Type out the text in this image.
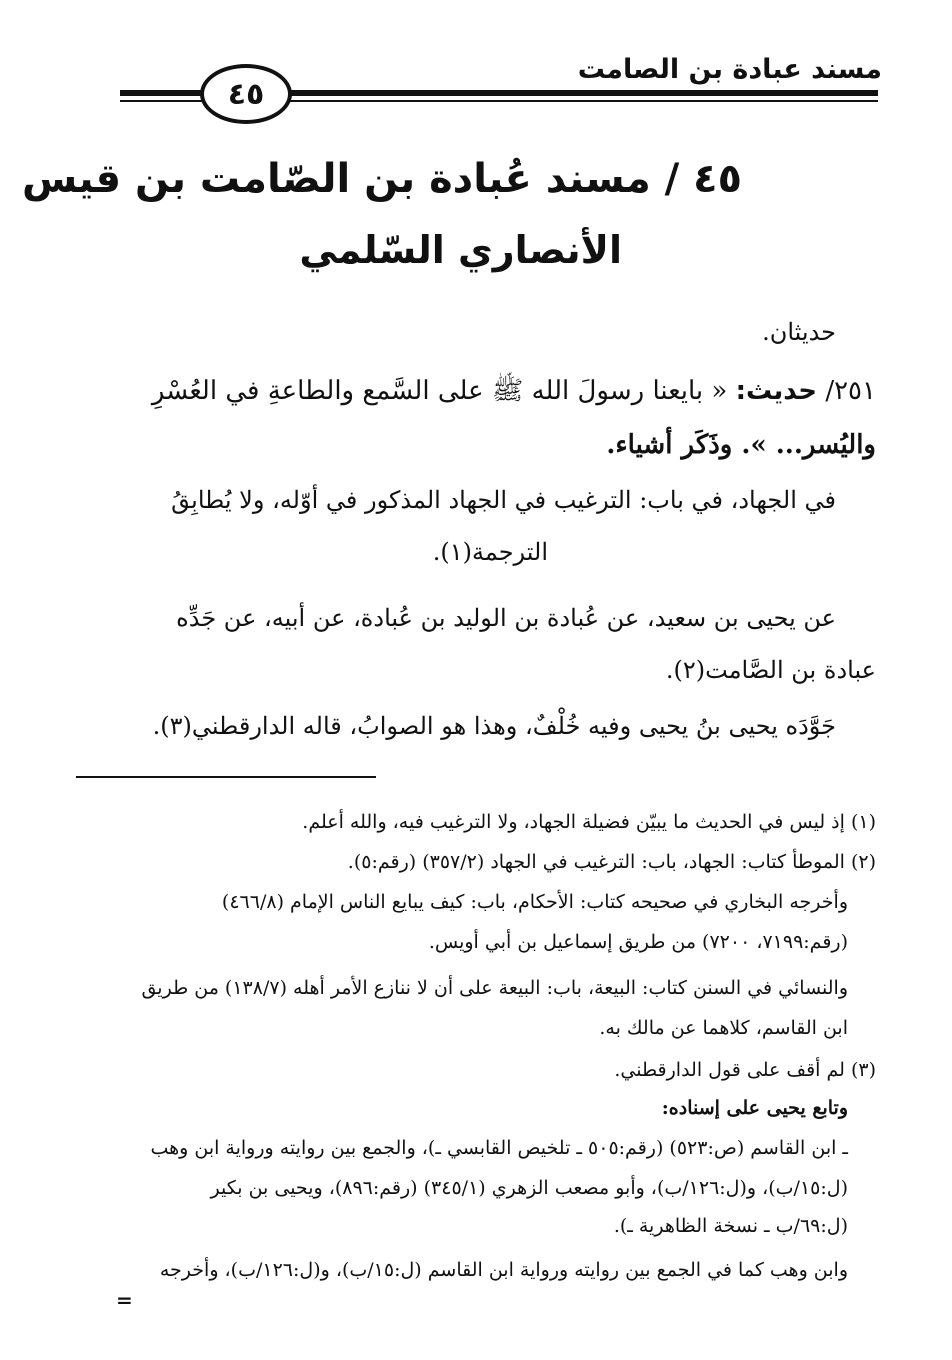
مسند عبادة بن الصامت
٤٥
٤٥ / مسند عُبادة بن الصّامت بن قيس
الأنصاري السّلمي
حديثان.
٢٥١/ حديث: « بايعنا رسولَ الله ﷺ على السَّمع والطاعةِ في العُسْرِ
واليُسر... ». وذَكَر أشياء.
في الجهاد، في باب: الترغيب في الجهاد المذكور في أوّله، ولا يُطابِقُ
الترجمة(١).
عن يحيى بن سعيد، عن عُبادة بن الوليد بن عُبادة، عن أبيه، عن جَدِّه
عبادة بن الصَّامت(٢).
جَوَّدَه يحيى بنُ يحيى وفيه خُلْفٌ، وهذا هو الصوابُ، قاله الدارقطني(٣).
(١) إذ ليس في الحديث ما يبيّن فضيلة الجهاد، ولا الترغيب فيه، والله أعلم.
(٢) الموطأ كتاب: الجهاد، باب: الترغيب في الجهاد (٣٥٧/٢) (رقم:٥).
وأخرجه البخاري في صحيحه كتاب: الأحكام، باب: كيف يبايع الناس الإمام (٤٦٦/٨)
(رقم:٧١٩٩، ٧٢٠٠) من طريق إسماعيل بن أبي أويس.
والنسائي في السنن كتاب: البيعة، باب: البيعة على أن لا ننازع الأمر أهله (١٣٨/٧) من طريق
ابن القاسم، كلاهما عن مالك به.
(٣) لم أقف على قول الدارقطني.
وتابع يحيى على إسناده:
ـ ابن القاسم (ص:٥٢٣) (رقم:٥٠٥ ـ تلخيص القابسي ـ)، والجمع بين روايته ورواية ابن وهب
(ل:١٥/ب)، و(ل:١٢٦/ب)، وأبو مصعب الزهري (٣٤٥/١) (رقم:٨٩٦)، ويحيى بن بكير
(ل:٦٩/ب ـ نسخة الظاهرية ـ).
وابن وهب كما في الجمع بين روايته ورواية ابن القاسم (ل:١٥/ب)، و(ل:١٢٦/ب)، وأخرجه
=
